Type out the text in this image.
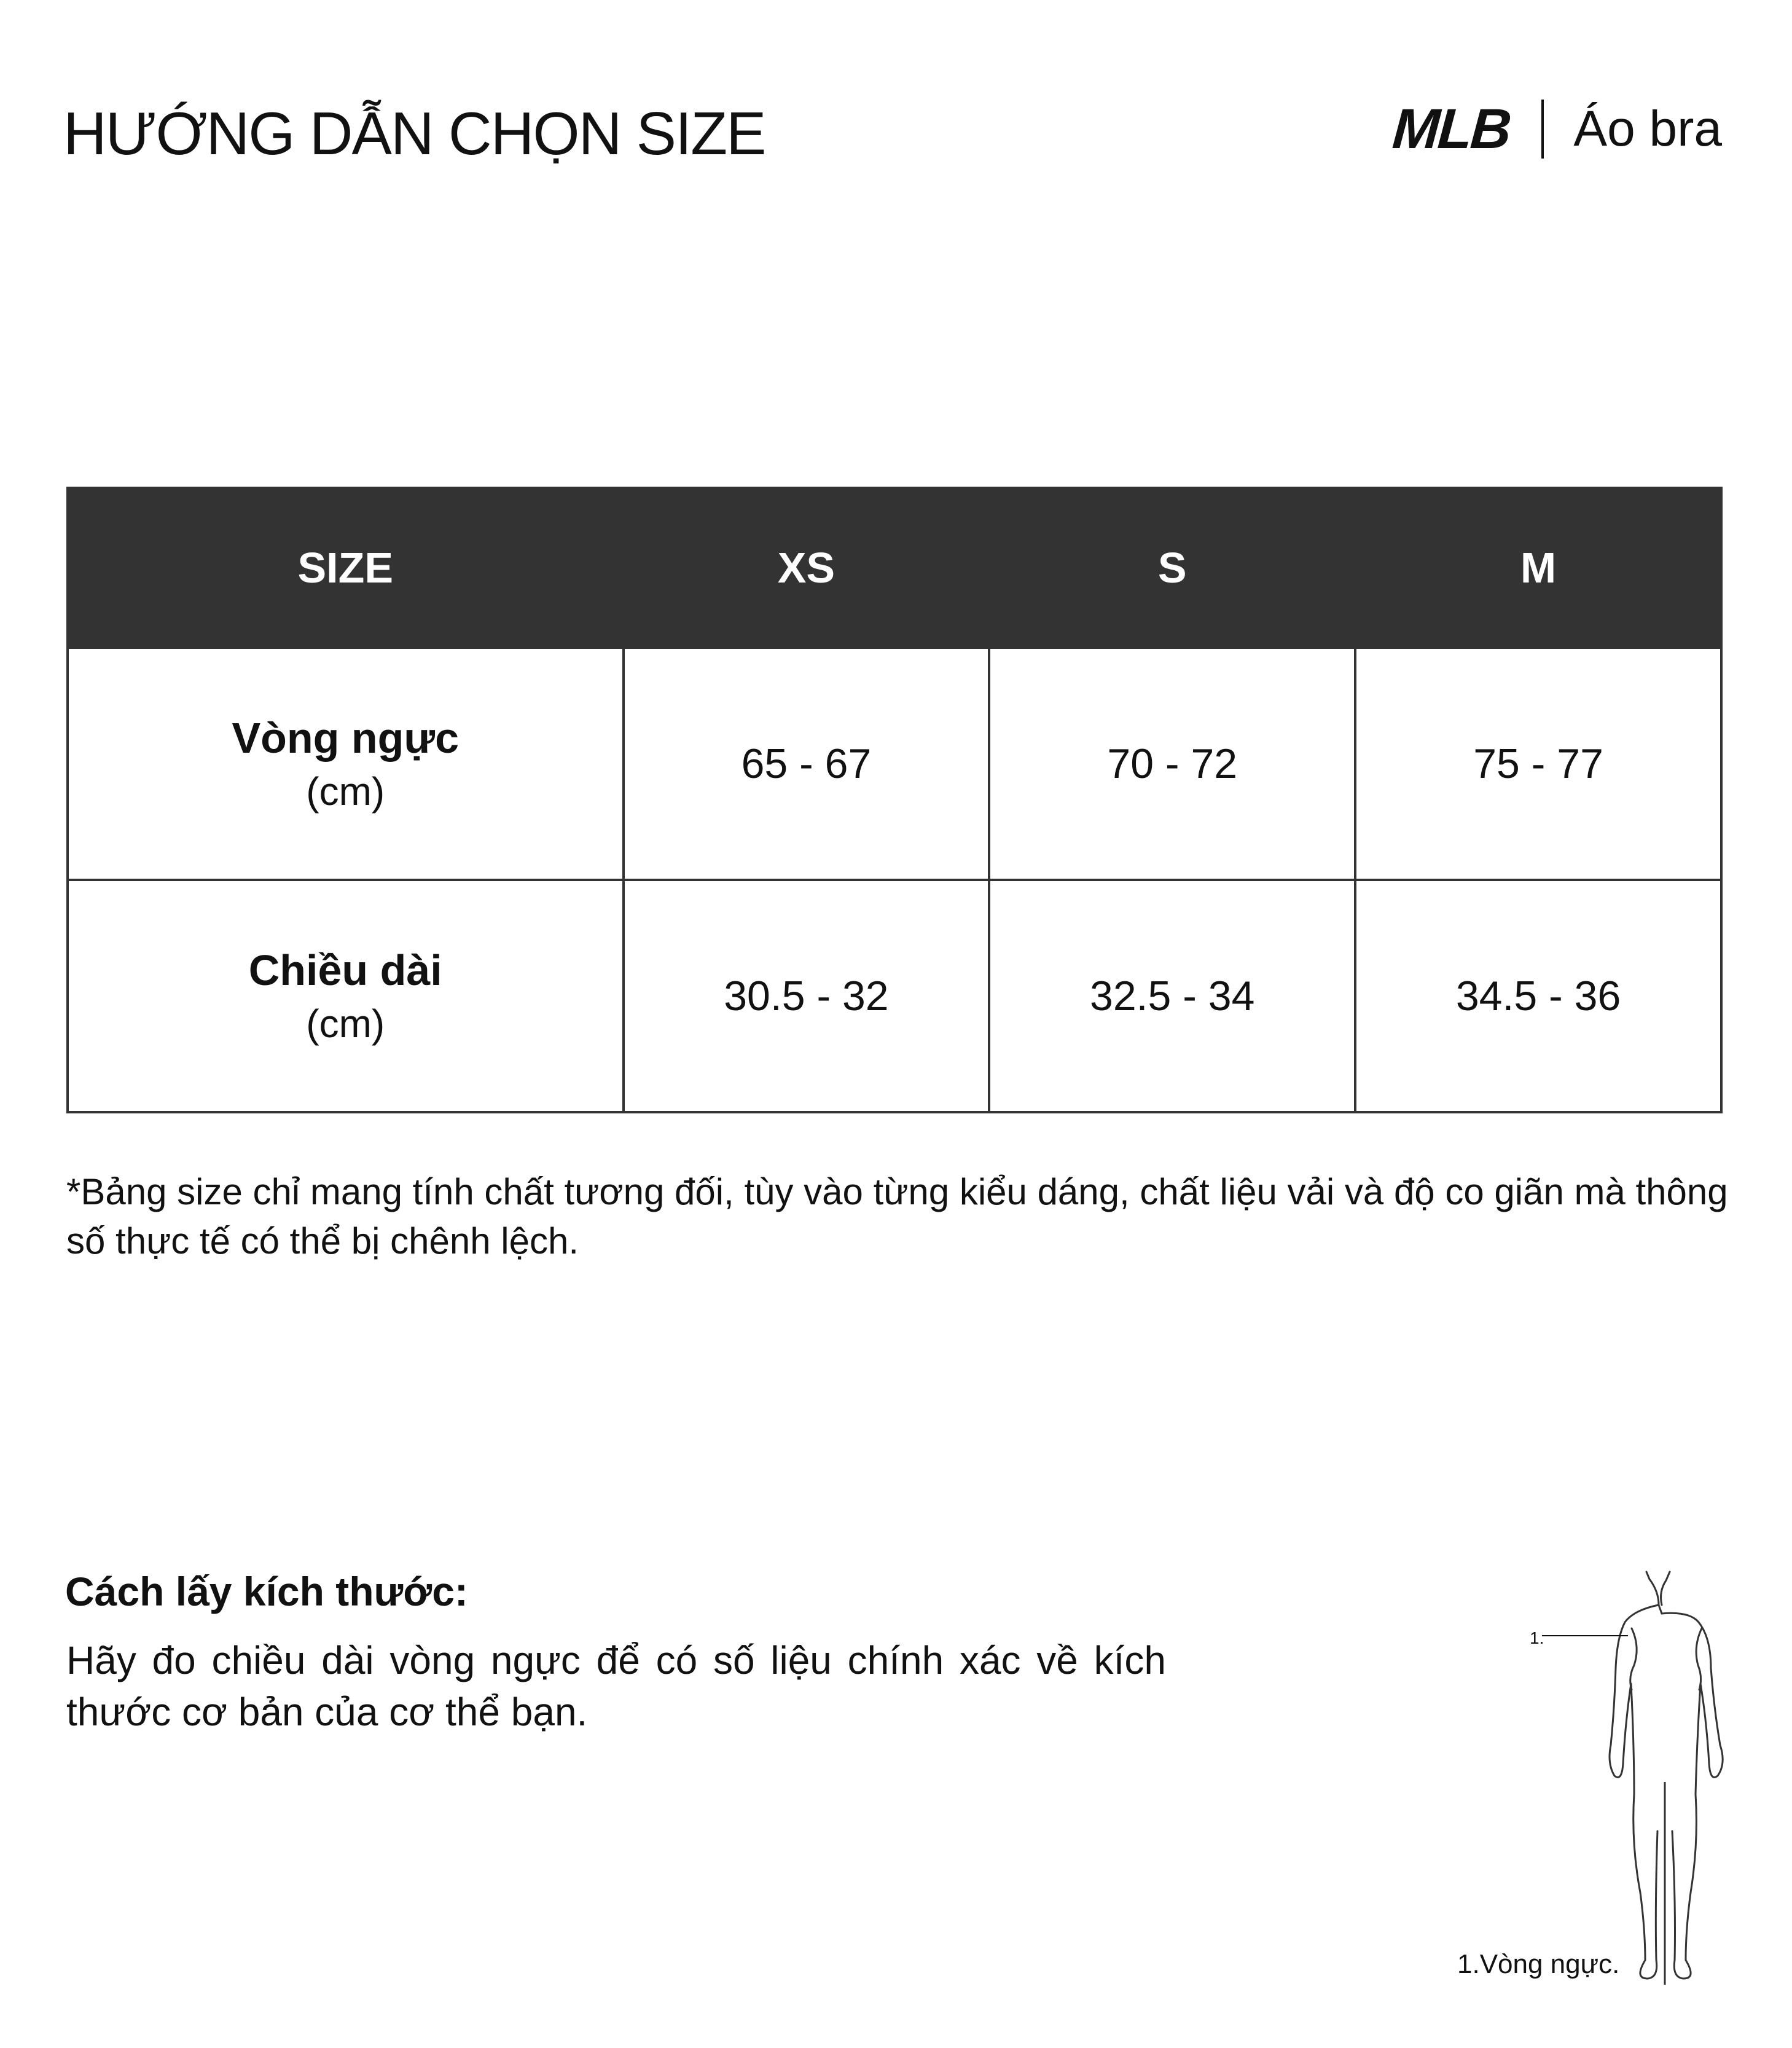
HƯỚNG DẪN CHỌN SIZE	MLB Áo bra
SIZE	XS	S	M

Vòng ngực
(cm)	65 - 67	70 - 72	75 - 77

Chiều dài
(cm)	30.5 - 32	32.5 - 34	34.5 - 36
*Bảng size chỉ mang tính chất tương đối, tùy vào từng kiểu dáng, chất liệu vải và độ co giãn mà thông số thực tế có thể bị chênh lệch.
Cách lấy kích thước:
Hãy đo chiều dài vòng ngực để có số liệu chính xác về kích thước cơ bản của cơ thể bạn.
1.
1.Vòng ngực.
